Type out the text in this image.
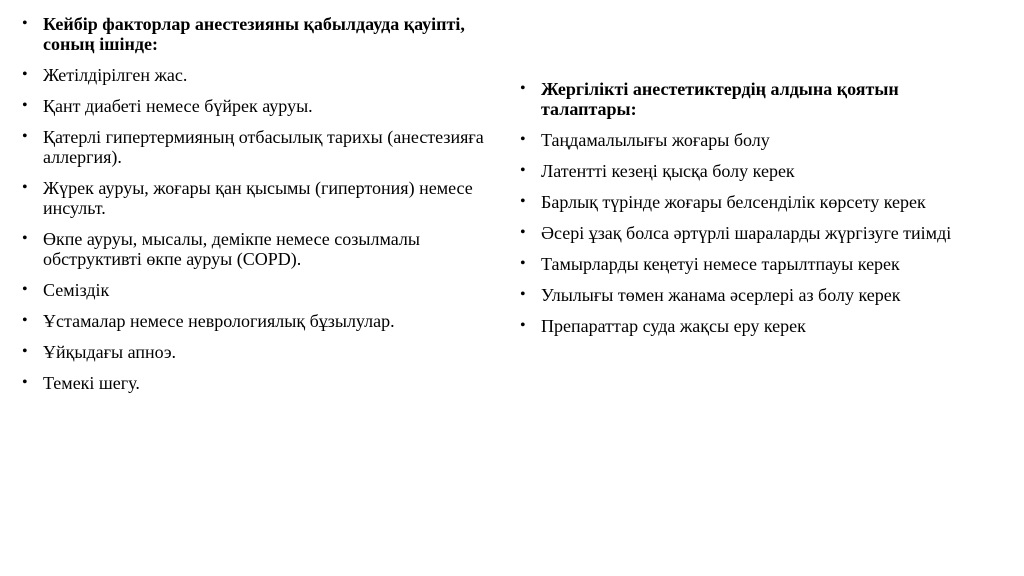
• Кейбір факторлар анестезияны қабылдауда қауіпті, соның ішінде:
• Жетілдірілген жас.
• Қант диабеті немесе бүйрек ауруы.
• Қатерлі гипертермияның отбасылық тарихы (анестезияға аллергия).
• Жүрек ауруы, жоғары қан қысымы (гипертония) немесе инсульт.
• Өкпе ауруы, мысалы, демікпе немесе созылмалы обструктивті өкпе ауруы (COPD).
• Семіздік
• Ұстамалар немесе неврологиялық бұзылулар.
• Ұйқыдағы апноэ.
• Темекі шегу.
• Жергілікті анестетиктердің алдына қоятын талаптары:
• Таңдамалылығы жоғары болу
• Латентті кезеңі қысқа болу керек
• Барлық түрінде жоғары белсенділік көрсету керек
• Әсері ұзақ болса әртүрлі шараларды жүргізуге тиімді
• Тамырларды кеңетуі немесе тарылтпауы керек
• Улылығы төмен жанама әсерлері аз болу керек
• Препараттар суда жақсы еру керек
